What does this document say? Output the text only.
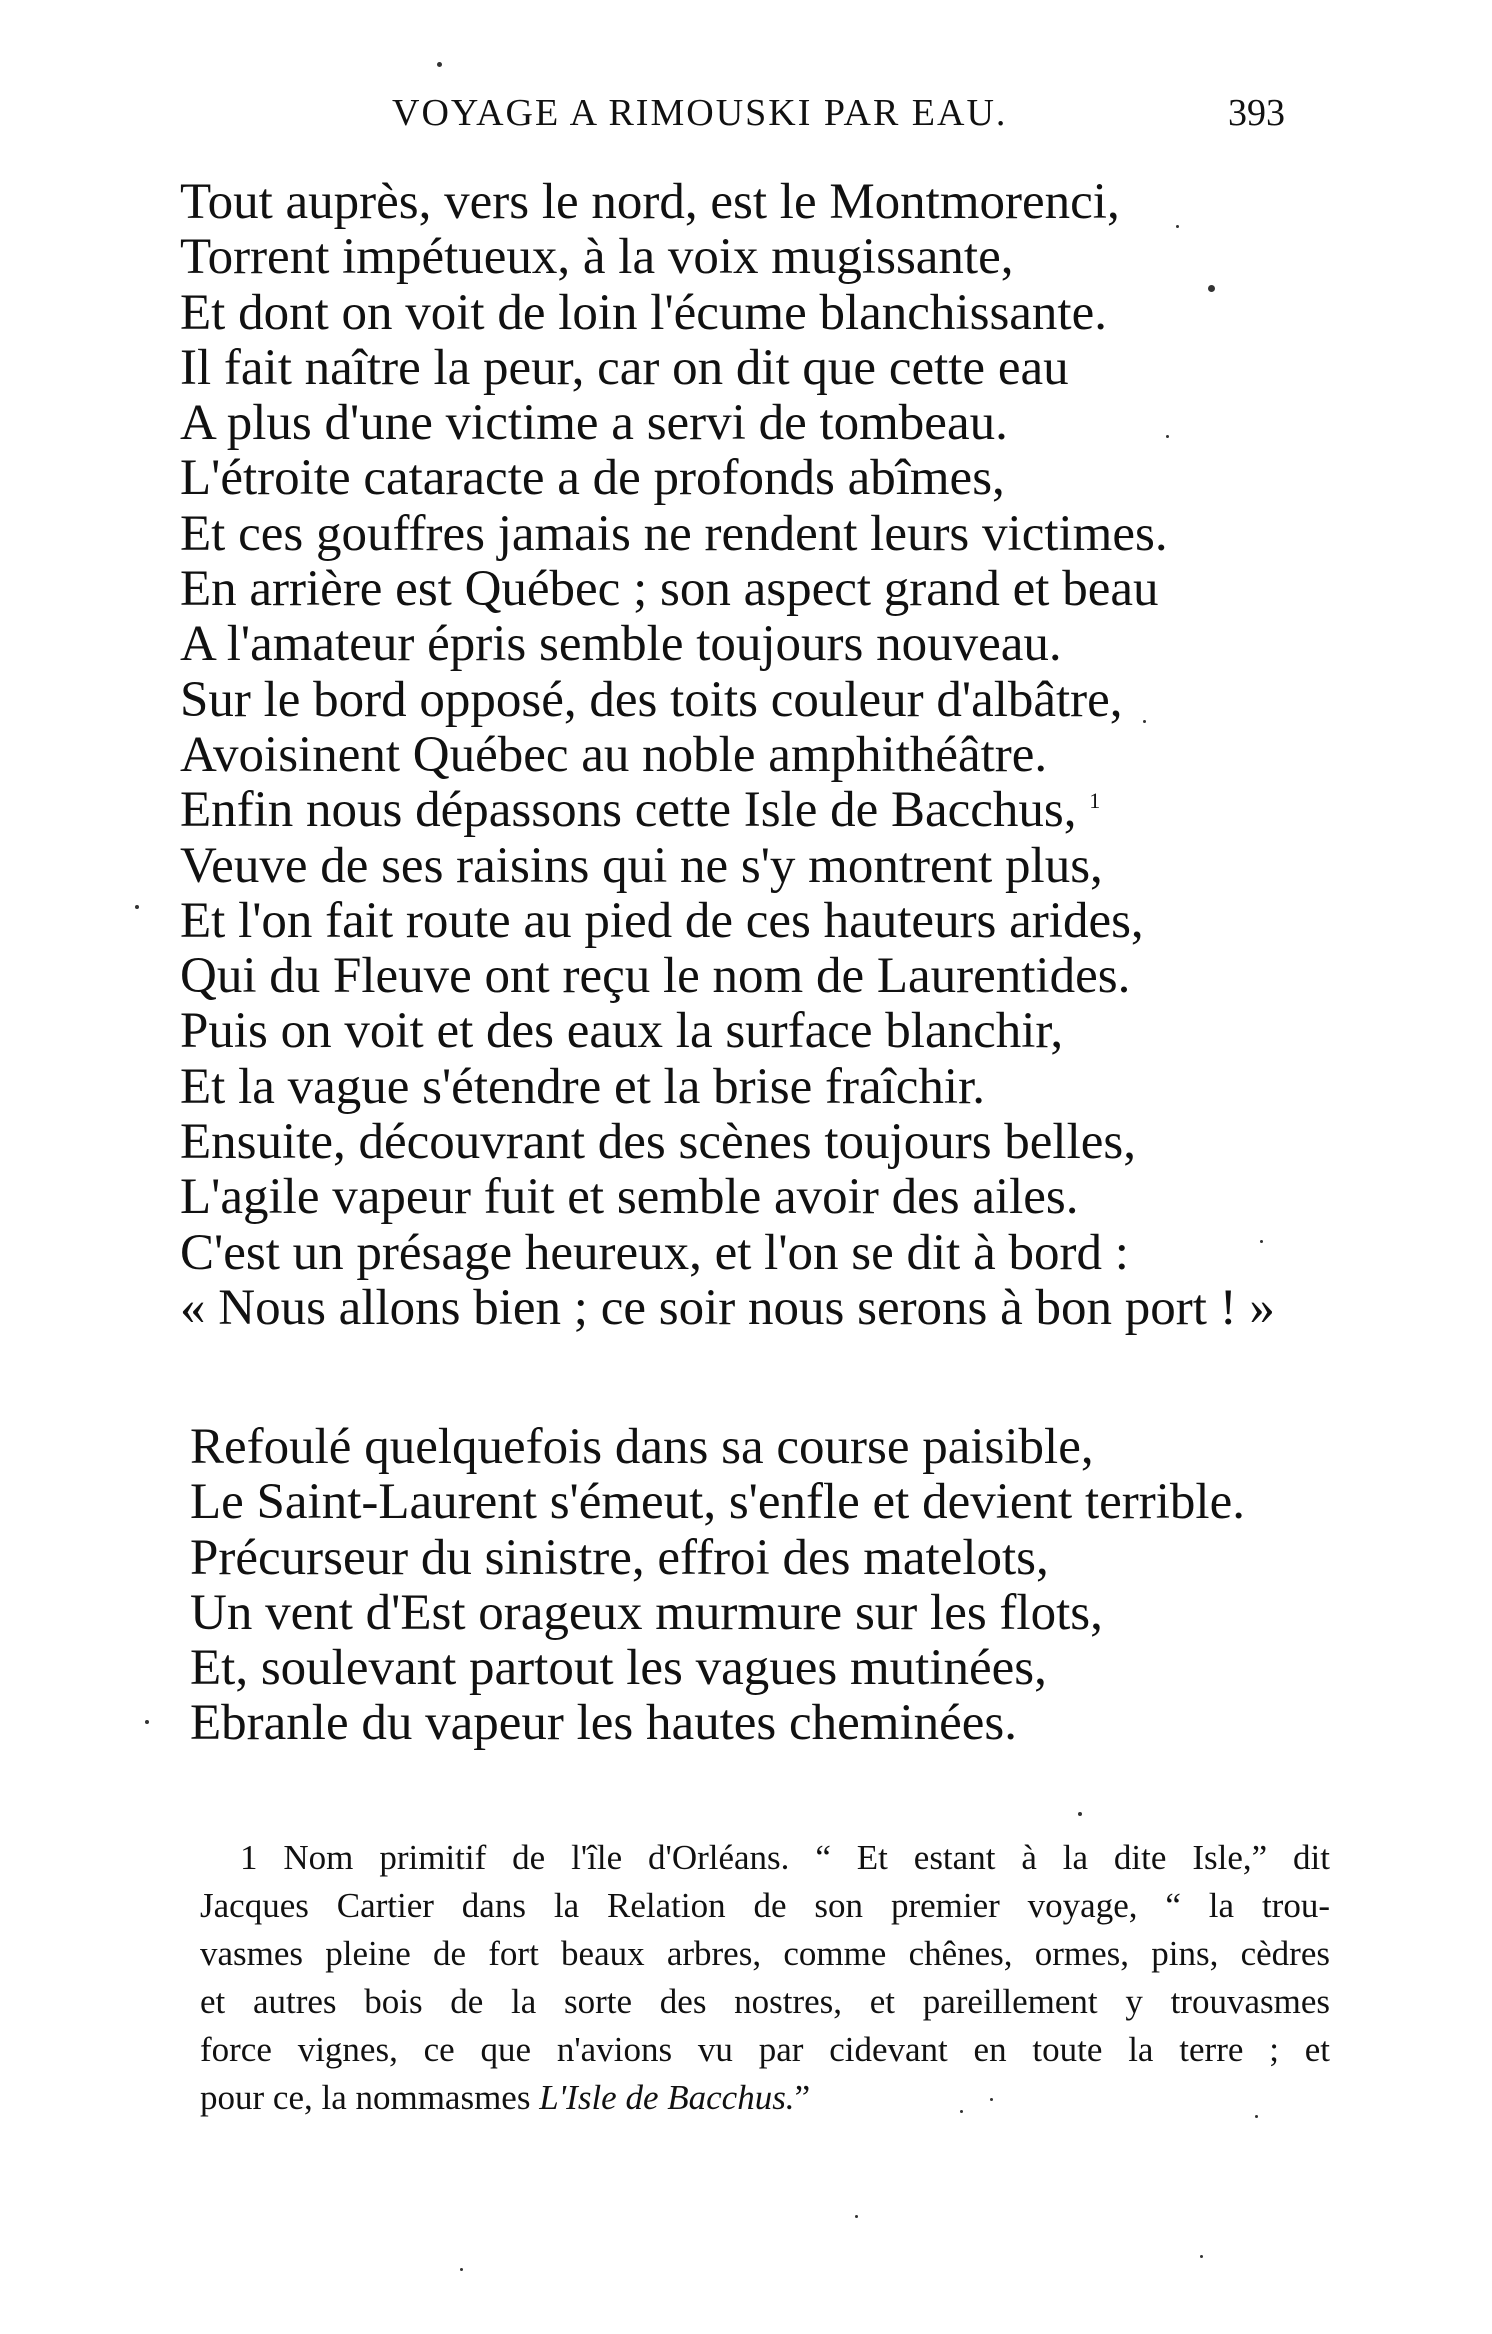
VOYAGE A RIMOUSKI PAR EAU.	393
Tout auprès, vers le nord, est le Montmorenci,
Torrent impétueux, à la voix mugissante,
Et dont on voit de loin l'écume blanchissante.
Il fait naître la peur, car on dit que cette eau
A plus d'une victime a servi de tombeau.
L'étroite cataracte a de profonds abîmes,
Et ces gouffres jamais ne rendent leurs victimes.
En arrière est Québec ; son aspect grand et beau
A l'amateur épris semble toujours nouveau.
Sur le bord opposé, des toits couleur d'albâtre,
Avoisinent Québec au noble amphithéâtre.
Enfin nous dépassons cette Isle de Bacchus, $^1$
Veuve de ses raisins qui ne s'y montrent plus,
Et l'on fait route au pied de ces hauteurs arides,
Qui du Fleuve ont reçu le nom de Laurentides.
Puis on voit et des eaux la surface blanchir,
Et la vague s'étendre et la brise fraîchir.
Ensuite, découvrant des scènes toujours belles,
L'agile vapeur fuit et semble avoir des ailes.
C'est un présage heureux, et l'on se dit à bord :
« Nous allons bien ; ce soir nous serons à bon port ! »
Refoulé quelquefois dans sa course paisible,
Le Saint-Laurent s'émeut, s'enfle et devient terrible.
Précurseur du sinistre, effroi des matelots,
Un vent d'Est orageux murmure sur les flots,
Et, soulevant partout les vagues mutinées,
Ebranle du vapeur les hautes cheminées.
1 Nom primitif de l'île d'Orléans. “ Et estant à la dite Isle,” dit
Jacques Cartier dans la Relation de son premier voyage, “ la trou-
vasmes pleine de fort beaux arbres, comme chênes, ormes, pins, cèdres
et autres bois de la sorte des nostres, et pareillement y trouvasmes
force vignes, ce que n'avions vu par cidevant en toute la terre ; et
pour ce, la nommasmes L'Isle de Bacchus.”
